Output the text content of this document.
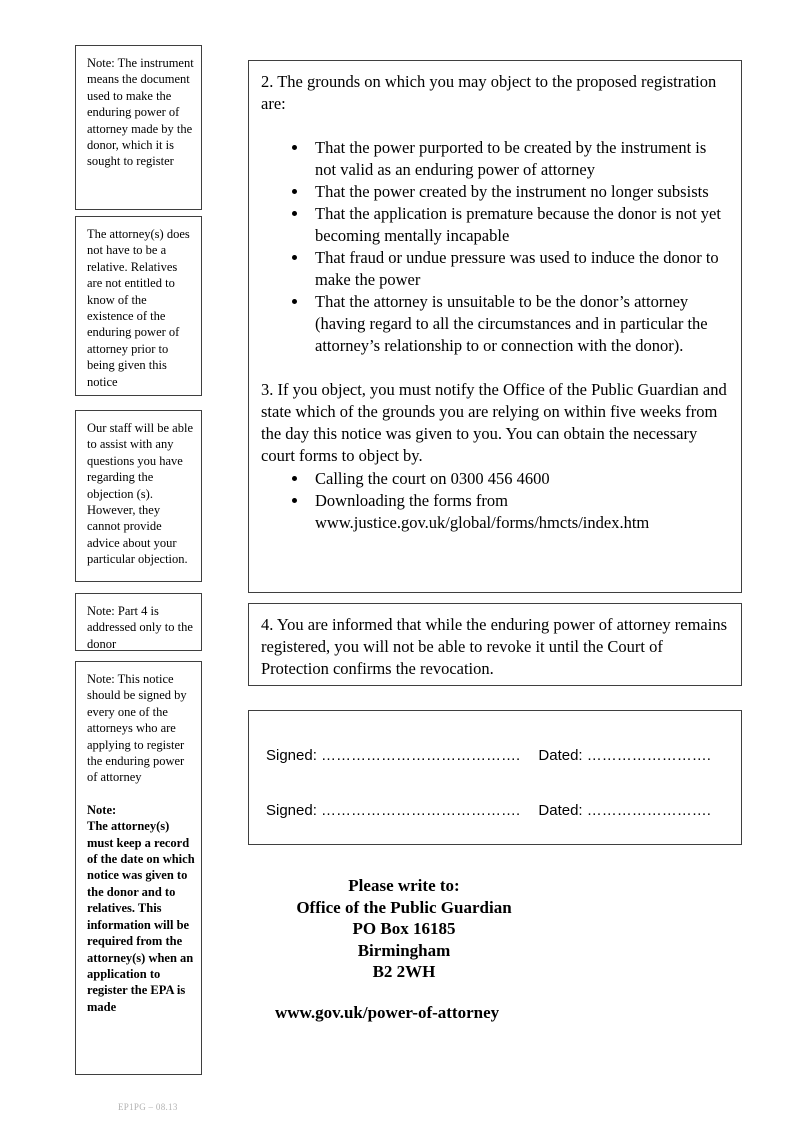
Note: The instrument means the document used to make the enduring power of attorney made by the donor, which it is sought to register
The attorney(s) does not have to be a relative. Relatives are not entitled to know of the existence of the enduring power of attorney prior to being given this notice
Our staff will be able to assist with any questions you have regarding the objection (s). However, they cannot provide advice about your particular objection.
Note: Part 4 is addressed only to the donor
Note: This notice should be signed by every one of the attorneys who are applying to register the enduring power of attorney
Note:
The attorney(s) must keep a record of the date on which notice was given to the donor and to relatives. This information will be required from the attorney(s) when an application to register the EPA is made
2. The grounds on which you may object to the proposed registration are:
• That the power purported to be created by the instrument is not valid as an enduring power of attorney
• That the power created by the instrument no longer subsists
• That the application is premature because the donor is not yet becoming mentally incapable
• That fraud or undue pressure was used to induce the donor to make the power
• That the attorney is unsuitable to be the donor’s attorney (having regard to all the circumstances and in particular the attorney’s relationship to or connection with the donor).
3. If you object, you must notify the Office of the Public Guardian and state which of the grounds you are relying on within five weeks from the day this notice was given to you. You can obtain the necessary court forms to object by.
• Calling the court on 0300 456 4600
• Downloading the forms from www.justice.gov.uk/global/forms/hmcts/index.htm
4. You are informed that while the enduring power of attorney remains registered, you will not be able to revoke it until the Court of Protection confirms the revocation.
Signed: …………………………………. Dated: …………………….
Signed: …………………………………. Dated: …………………….
Please write to:
Office of the Public Guardian
PO Box 16185
Birmingham
B2 2WH
www.gov.uk/power-of-attorney
EP1PG – 08.13
